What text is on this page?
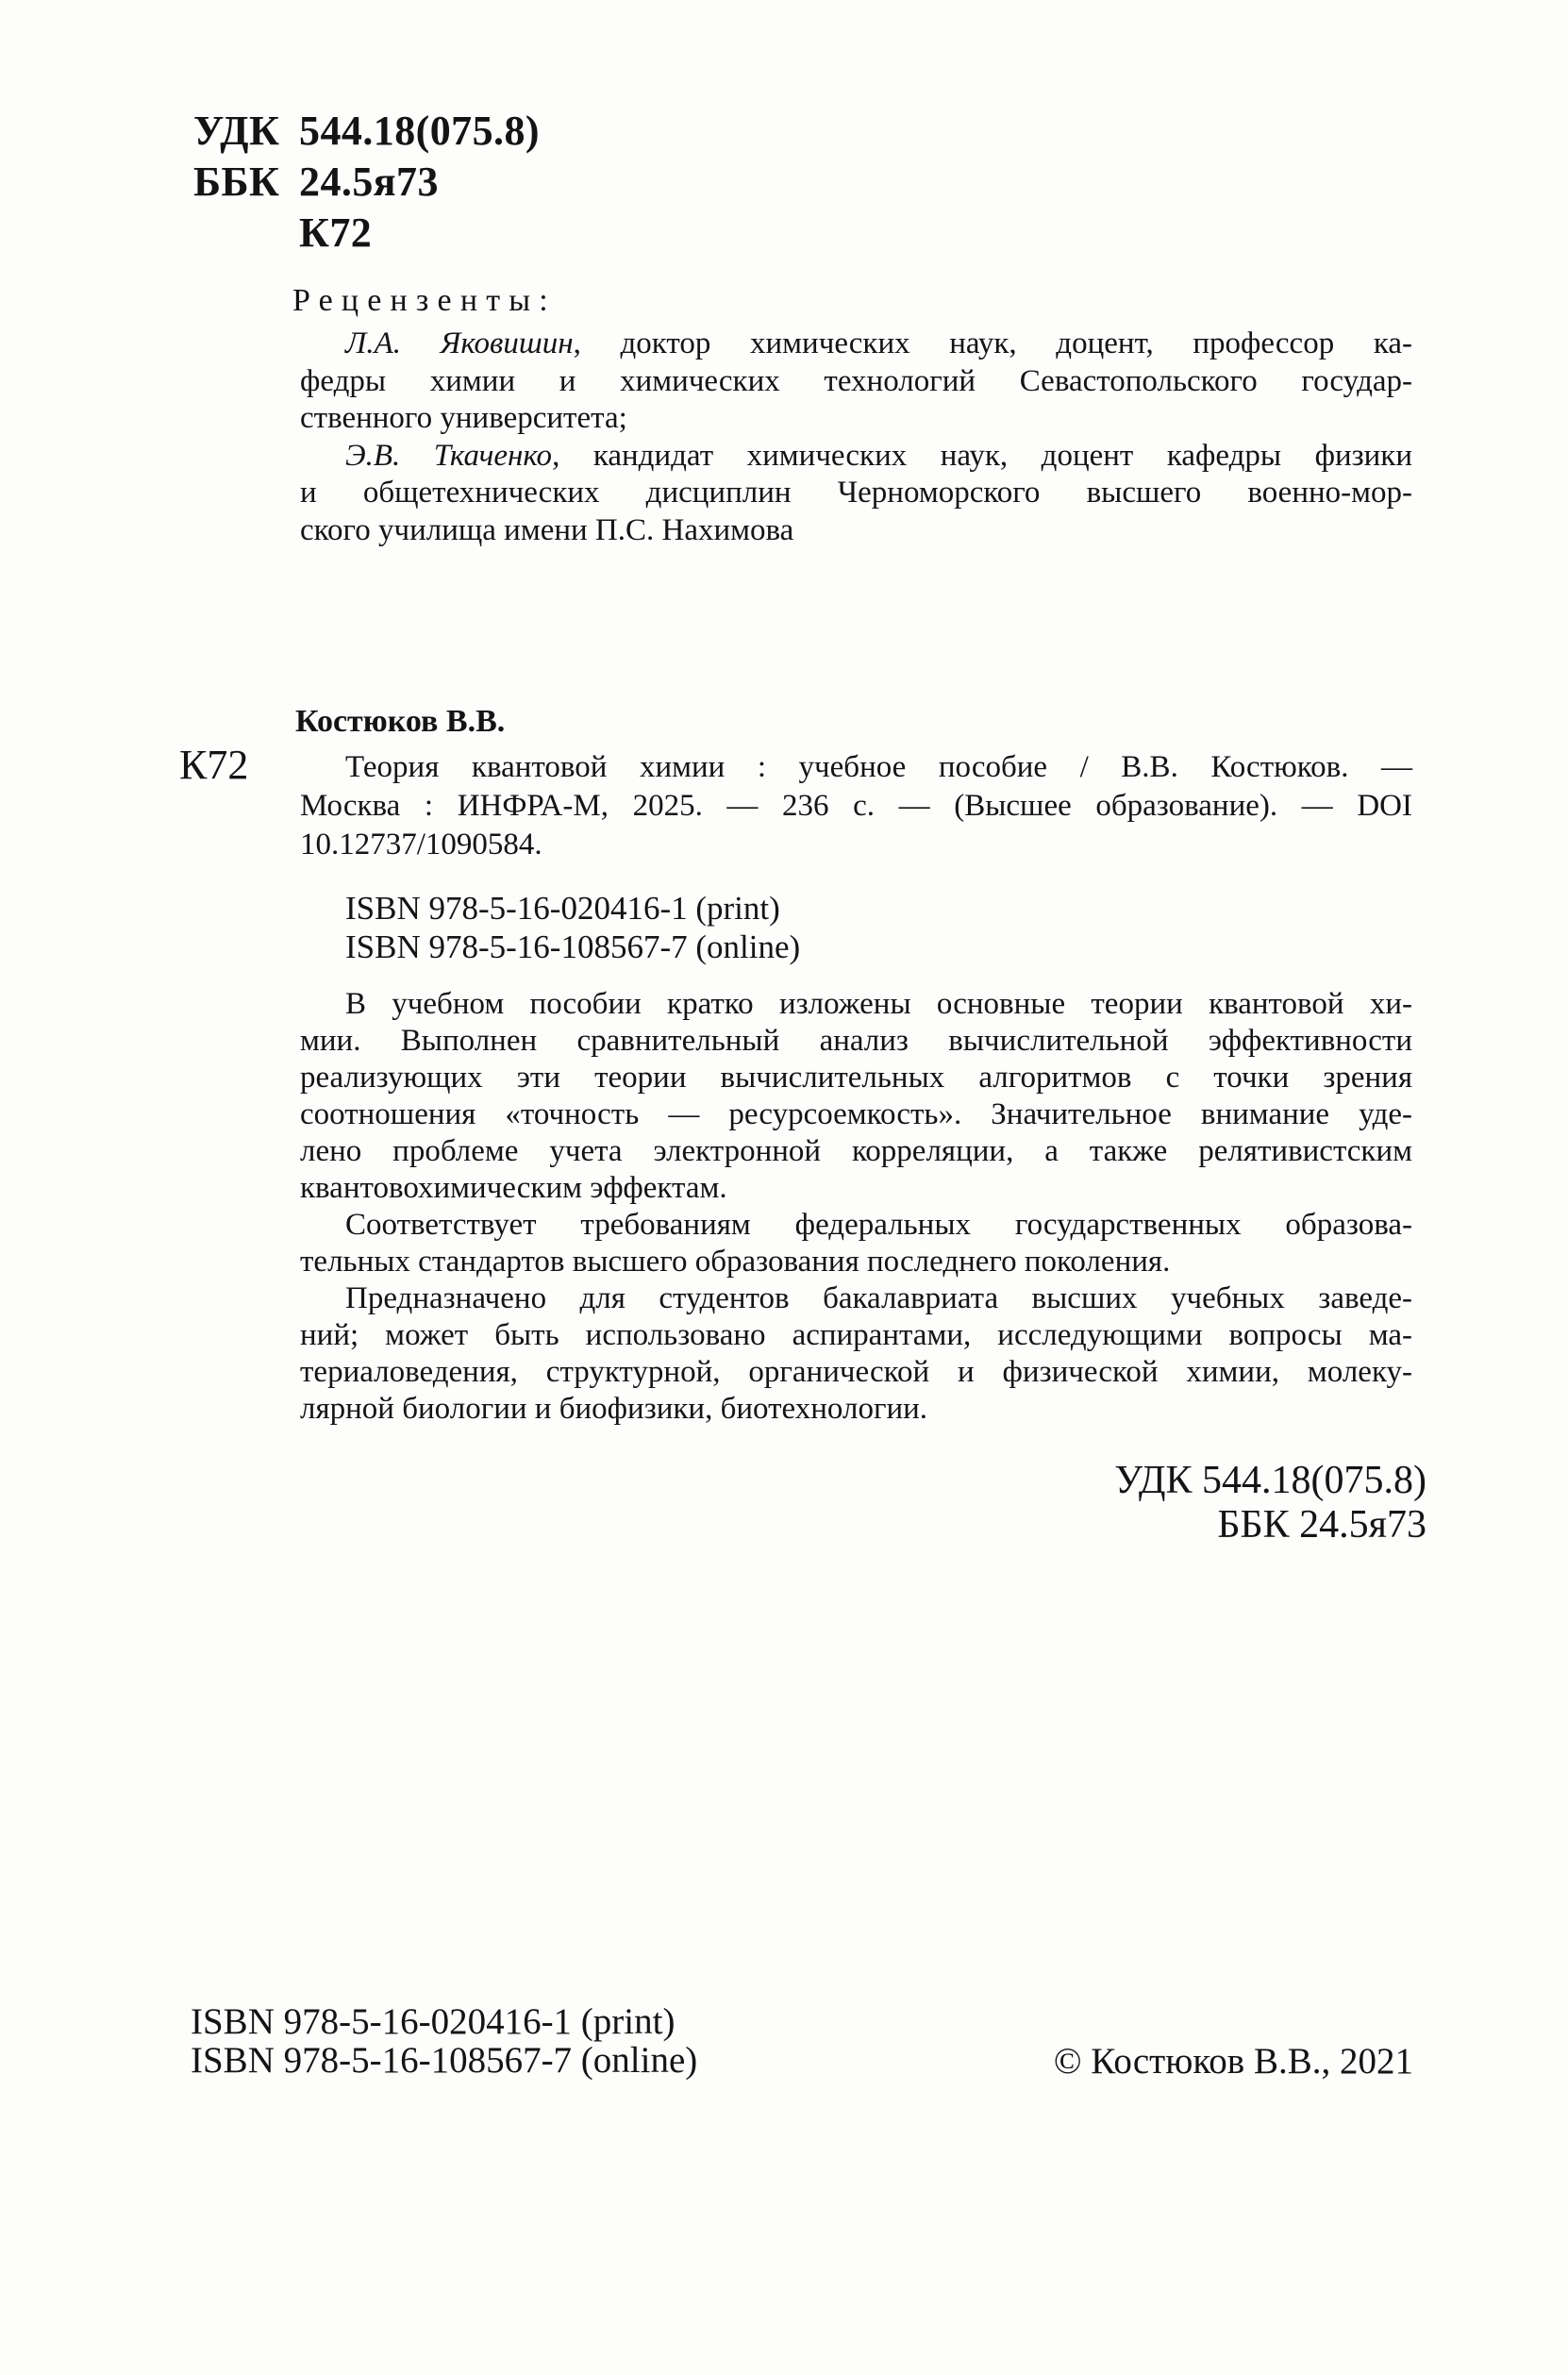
УДК 544.18(075.8)
ББК 24.5я73
К72
Рецензенты:
Л.А. Яковишин, доктор химических наук, доцент, профессор ка-
федры химии и химических технологий Севастопольского государ-
ственного университета;
Э.В. Ткаченко, кандидат химических наук, доцент кафедры физики
и общетехнических дисциплин Черноморского высшего военно-мор-
ского училища имени П.С. Нахимова
Костюков В.В.
К72	Теория квантовой химии : учебное пособие / В.В. Костюков. —
Москва : ИНФРА-М, 2025. — 236 с. — (Высшее образование). — DOI
10.12737/1090584.
ISBN 978-5-16-020416-1 (print)
ISBN 978-5-16-108567-7 (online)
В учебном пособии кратко изложены основные теории квантовой хи-
мии. Выполнен сравнительный анализ вычислительной эффективности
реализующих эти теории вычислительных алгоритмов с точки зрения
соотношения «точность — ресурсоемкость». Значительное внимание уде-
лено проблеме учета электронной корреляции, а также релятивистским
квантовохимическим эффектам.
Соответствует требованиям федеральных государственных образова-
тельных стандартов высшего образования последнего поколения.
Предназначено для студентов бакалавриата высших учебных заведе-
ний; может быть использовано аспирантами, исследующими вопросы ма-
териаловедения, структурной, органической и физической химии, молеку-
лярной биологии и биофизики, биотехнологии.
УДК 544.18(075.8)
ББК 24.5я73
ISBN 978-5-16-020416-1 (print)
ISBN 978-5-16-108567-7 (online)	© Костюков В.В., 2021
